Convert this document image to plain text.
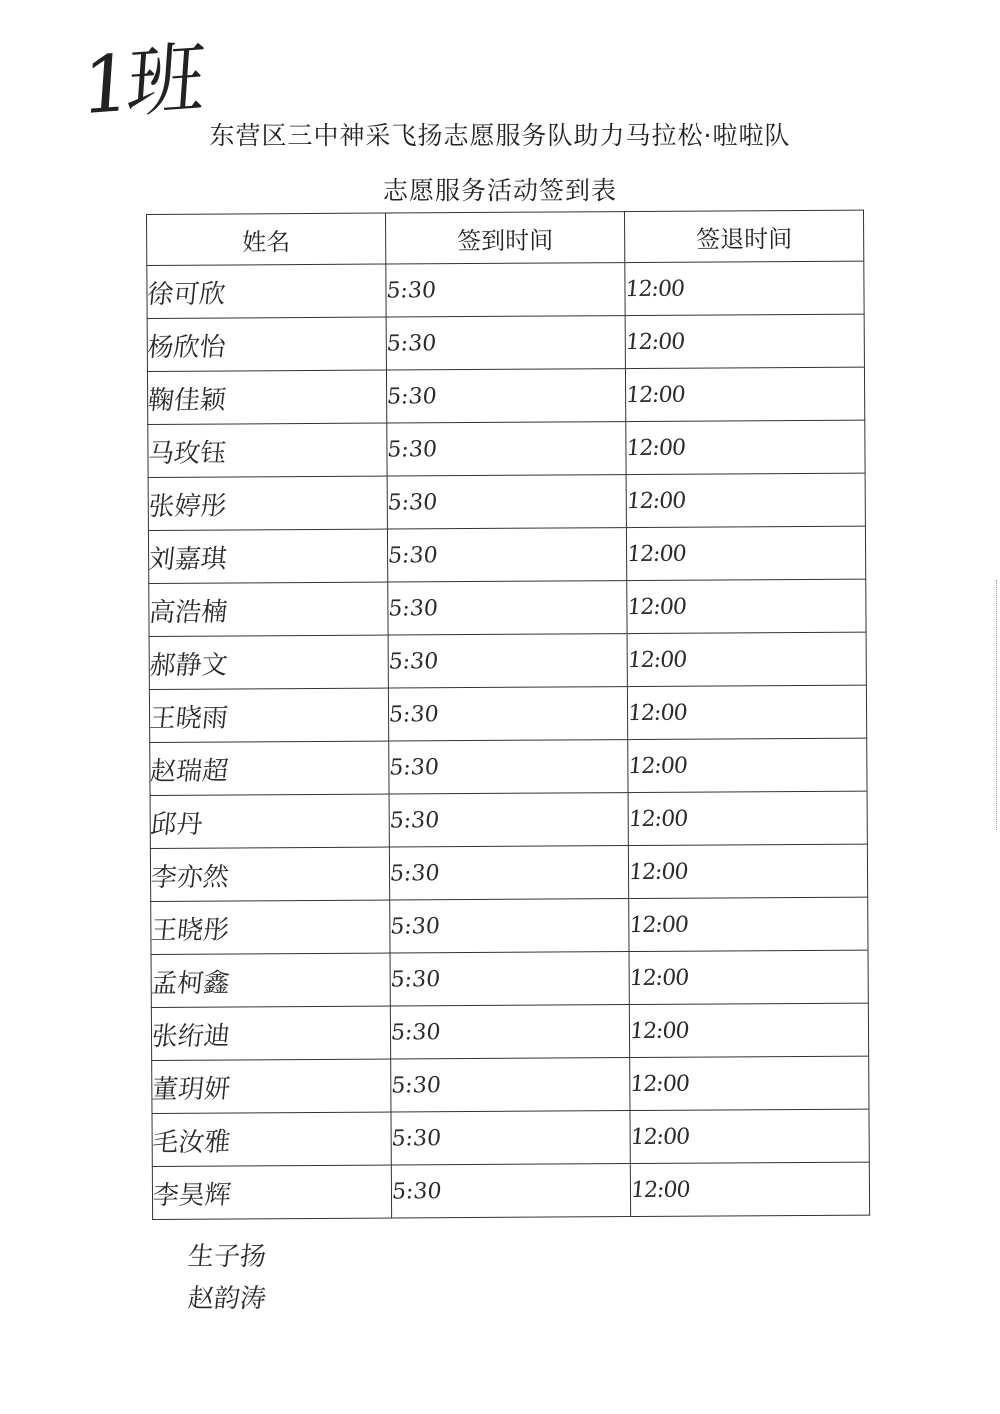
1班
东营区三中神采飞扬志愿服务队助力马拉松·啦啦队
志愿服务活动签到表
姓名	签到时间	签退时间
徐可欣	5:30	12:00
杨欣怡	5:30	12:00
鞠佳颖	5:30	12:00
马玫钰	5:30	12:00
张婷彤	5:30	12:00
刘嘉琪	5:30	12:00
高浩楠	5:30	12:00
郝静文	5:30	12:00
王晓雨	5:30	12:00
赵瑞超	5:30	12:00
邱丹	5:30	12:00
李亦然	5:30	12:00
王晓彤	5:30	12:00
孟柯鑫	5:30	12:00
张绗迪	5:30	12:00
董玥妍	5:30	12:00
毛汝雅	5:30	12:00
李昊辉	5:30	12:00
生子扬
赵韵涛
